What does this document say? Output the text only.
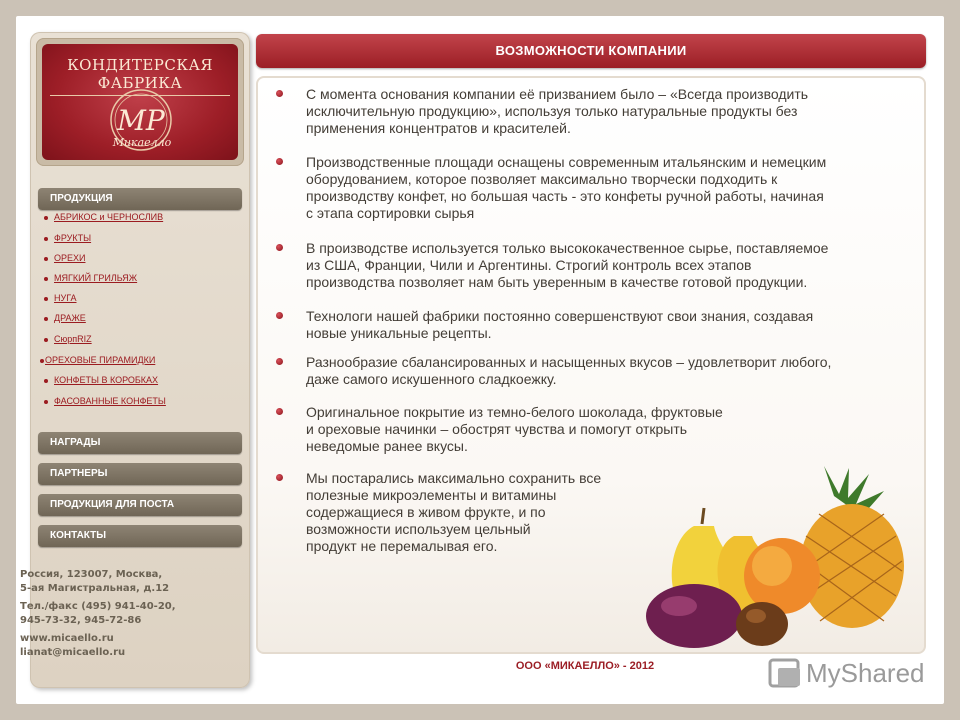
КОНДИТЕРСКАЯ ФАБРИКА
MP
Микаелло
ПРОДУКЦИЯ
АБРИКОС и ЧЕРНОСЛИВ
ФРУКТЫ
ОРЕХИ
МЯГКИЙ ГРИЛЬЯЖ
НУГА
ДРАЖЕ
СюрпRIZ
ОРЕХОВЫЕ ПИРАМИДКИ
КОНФЕТЫ В КОРОБКАХ
ФАСОВАННЫЕ КОНФЕТЫ
НАГРАДЫ
ПАРТНЕРЫ
ПРОДУКЦИЯ ДЛЯ ПОСТА
КОНТАКТЫ
Россия, 123007, Москва,
5-ая Магистральная, д.12
Тел./факс (495) 941-40-20,
945-73-32, 945-72-86
www.micaello.ru
lianat@micaello.ru
ВОЗМОЖНОСТИ КОМПАНИИ
С момента основания компании её призванием было – «Всегда производить
исключительную продукцию», используя только натуральные продукты без
применения концентратов и красителей.
Производственные площади оснащены современным итальянским и немецким
оборудованием, которое позволяет максимально творчески подходить к
производству конфет, но большая часть - это конфеты ручной работы, начиная
с этапа сортировки сырья
В производстве используется только высококачественное сырье, поставляемое
из США, Франции, Чили и Аргентины. Строгий контроль всех этапов
производства позволяет нам быть уверенным в качестве готовой продукции.
Технологи нашей фабрики постоянно совершенствуют свои знания, создавая
новые уникальные рецепты.
Разнообразие сбалансированных и насыщенных вкусов – удовлетворит любого,
даже самого искушенного сладкоежку.
Оригинальное покрытие из темно-белого шоколада, фруктовые
и ореховые начинки – обострят чувства и помогут открыть
неведомые ранее вкусы.
Мы постарались максимально сохранить все
полезные микроэлементы и витамины
содержащиеся в живом фрукте, и по
возможности используем цельный
продукт не перемалывая его.
ООО «МИКАЕЛЛО» - 2012	MyShared
